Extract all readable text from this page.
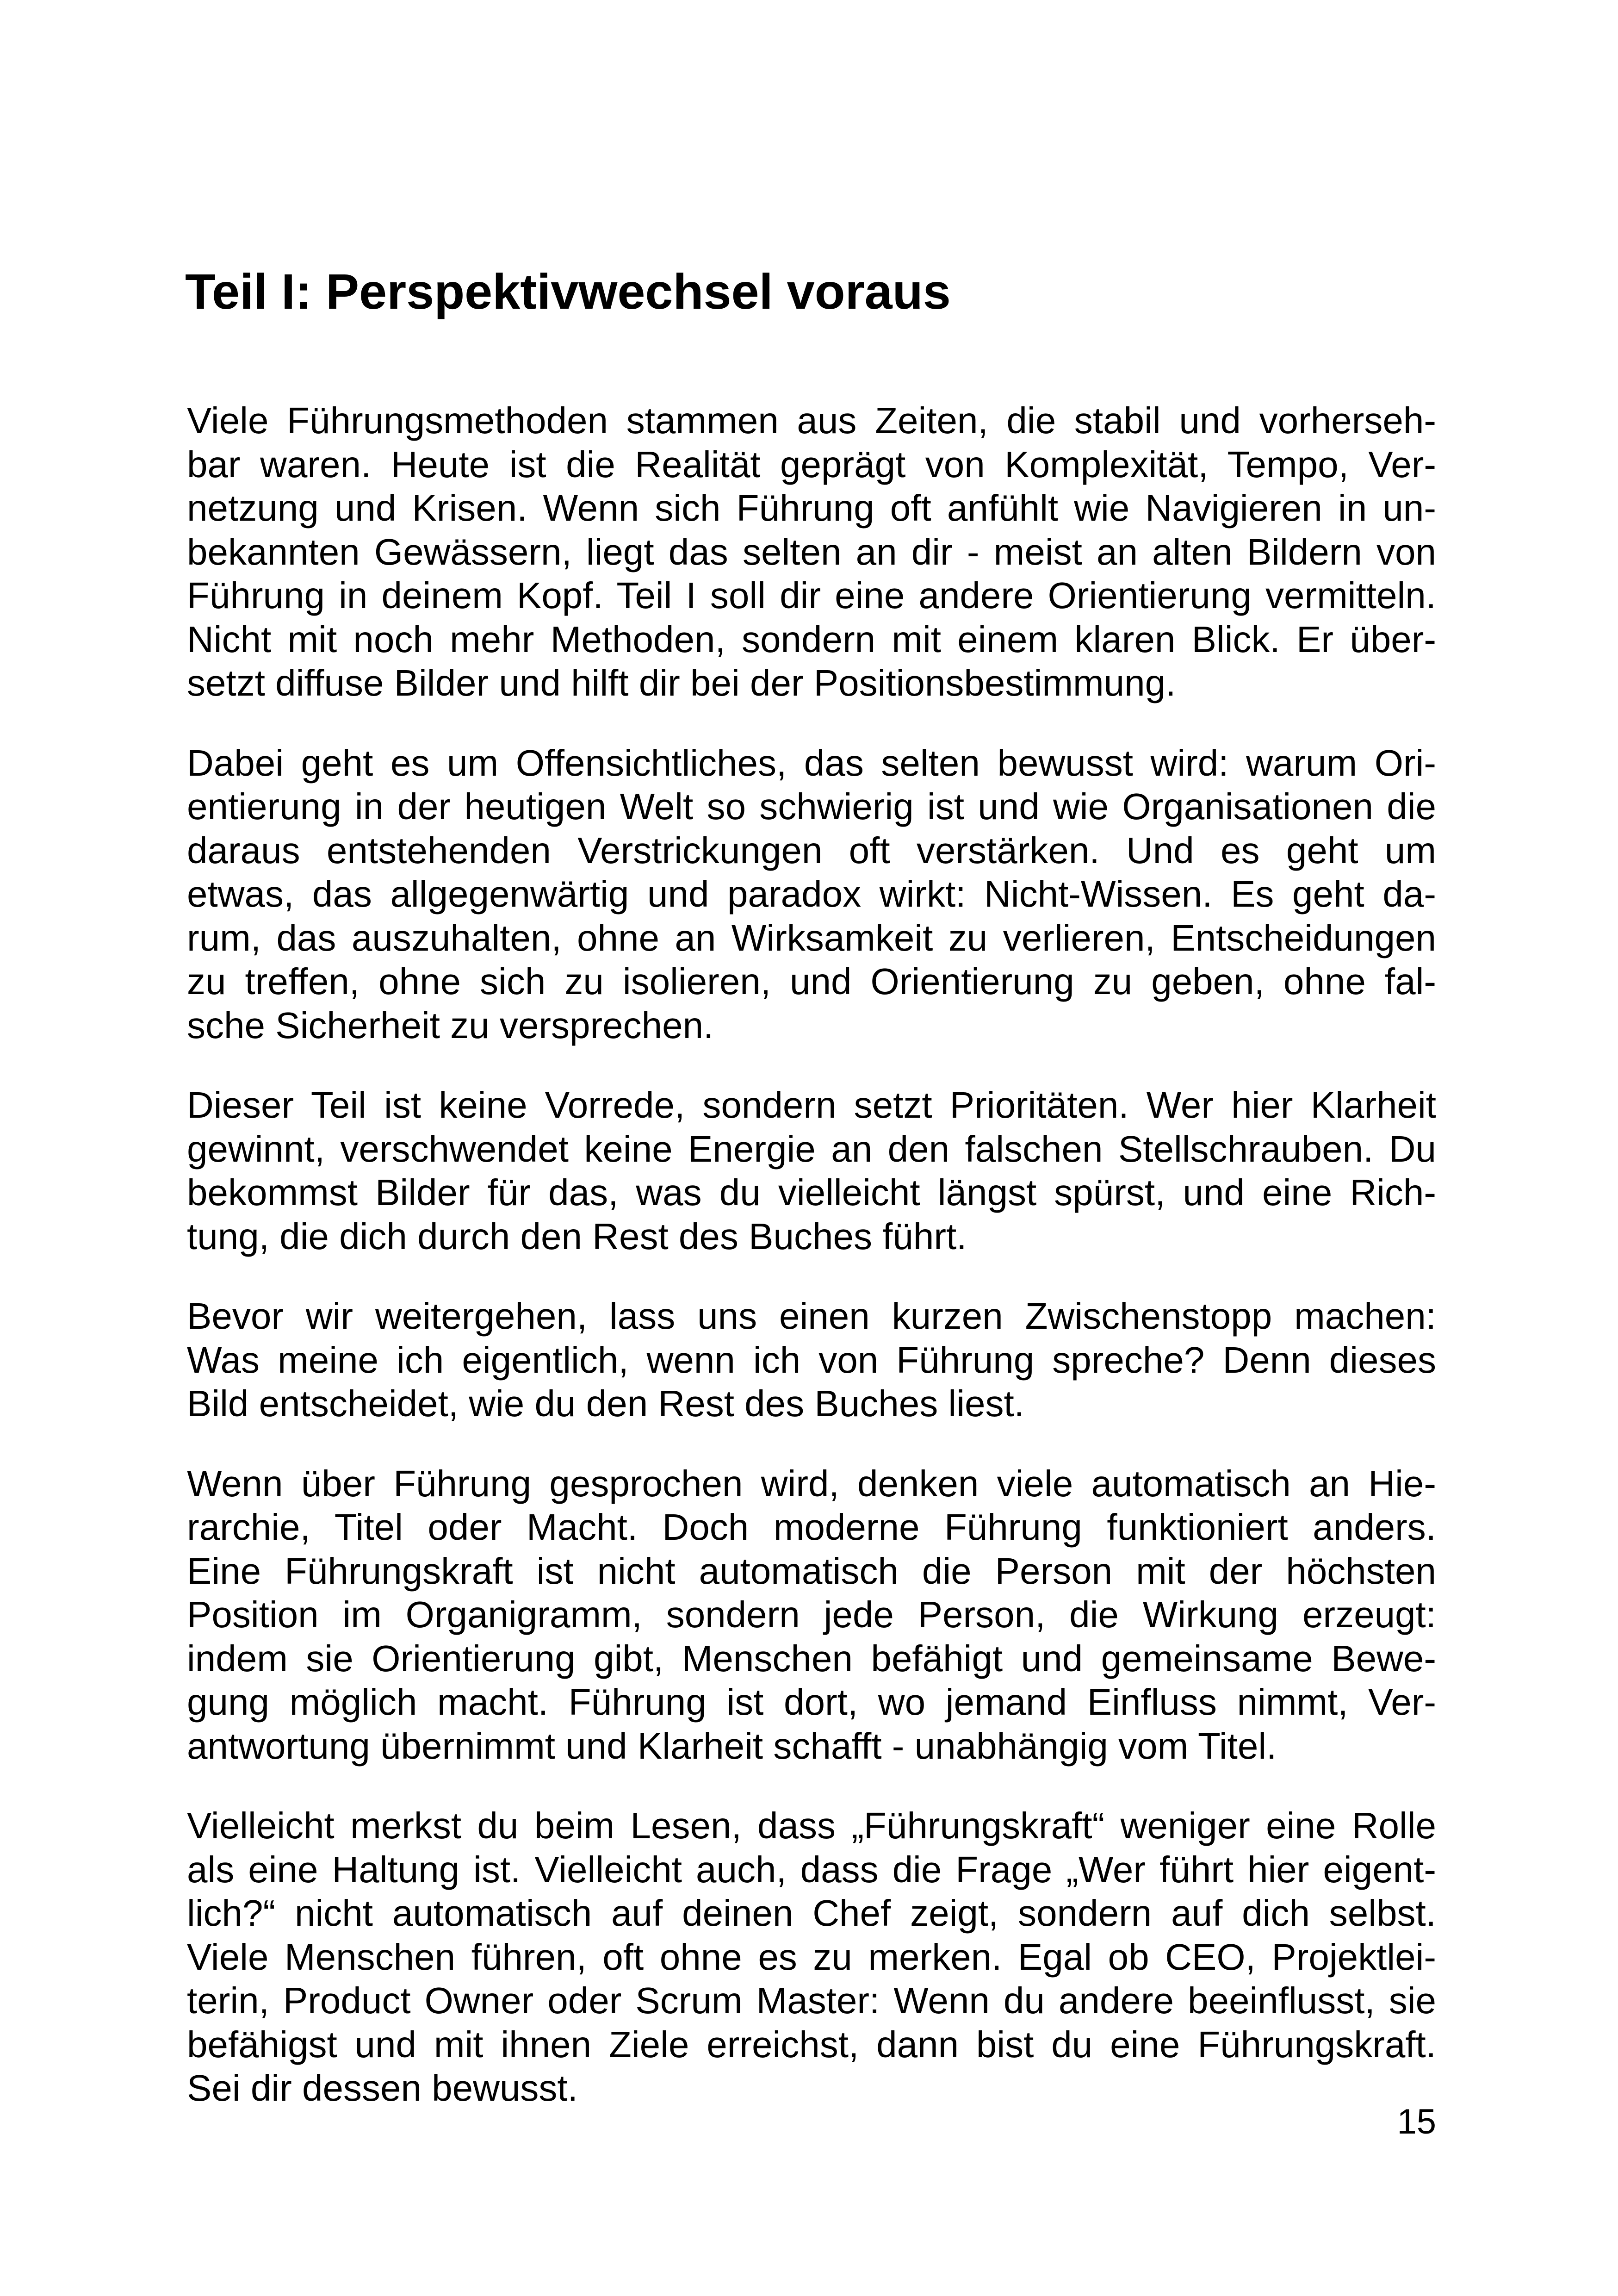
Teil I: Perspektivwechsel voraus

Viele Führungsmethoden stammen aus Zeiten, die stabil und vorherseh-
bar waren. Heute ist die Realität geprägt von Komplexität, Tempo, Ver-
netzung und Krisen. Wenn sich Führung oft anfühlt wie Navigieren in un-
bekannten Gewässern, liegt das selten an dir - meist an alten Bildern von
Führung in deinem Kopf. Teil I soll dir eine andere Orientierung vermitteln.
Nicht mit noch mehr Methoden, sondern mit einem klaren Blick. Er über-
setzt diffuse Bilder und hilft dir bei der Positionsbestimmung.

Dabei geht es um Offensichtliches, das selten bewusst wird: warum Ori-
entierung in der heutigen Welt so schwierig ist und wie Organisationen die
daraus entstehenden Verstrickungen oft verstärken. Und es geht um
etwas, das allgegenwärtig und paradox wirkt: Nicht-Wissen. Es geht da-
rum, das auszuhalten, ohne an Wirksamkeit zu verlieren, Entscheidungen
zu treffen, ohne sich zu isolieren, und Orientierung zu geben, ohne fal-
sche Sicherheit zu versprechen.

Dieser Teil ist keine Vorrede, sondern setzt Prioritäten. Wer hier Klarheit
gewinnt, verschwendet keine Energie an den falschen Stellschrauben. Du
bekommst Bilder für das, was du vielleicht längst spürst, und eine Rich-
tung, die dich durch den Rest des Buches führt.

Bevor wir weitergehen, lass uns einen kurzen Zwischenstopp machen:
Was meine ich eigentlich, wenn ich von Führung spreche? Denn dieses
Bild entscheidet, wie du den Rest des Buches liest.

Wenn über Führung gesprochen wird, denken viele automatisch an Hie-
rarchie, Titel oder Macht. Doch moderne Führung funktioniert anders.
Eine Führungskraft ist nicht automatisch die Person mit der höchsten
Position im Organigramm, sondern jede Person, die Wirkung erzeugt:
indem sie Orientierung gibt, Menschen befähigt und gemeinsame Bewe-
gung möglich macht. Führung ist dort, wo jemand Einfluss nimmt, Ver-
antwortung übernimmt und Klarheit schafft - unabhängig vom Titel.

Vielleicht merkst du beim Lesen, dass „Führungskraft“ weniger eine Rolle
als eine Haltung ist. Vielleicht auch, dass die Frage „Wer führt hier eigent-
lich?“ nicht automatisch auf deinen Chef zeigt, sondern auf dich selbst.
Viele Menschen führen, oft ohne es zu merken. Egal ob CEO, Projektlei-
terin, Product Owner oder Scrum Master: Wenn du andere beeinflusst, sie
befähigst und mit ihnen Ziele erreichst, dann bist du eine Führungskraft.
Sei dir dessen bewusst.

15
